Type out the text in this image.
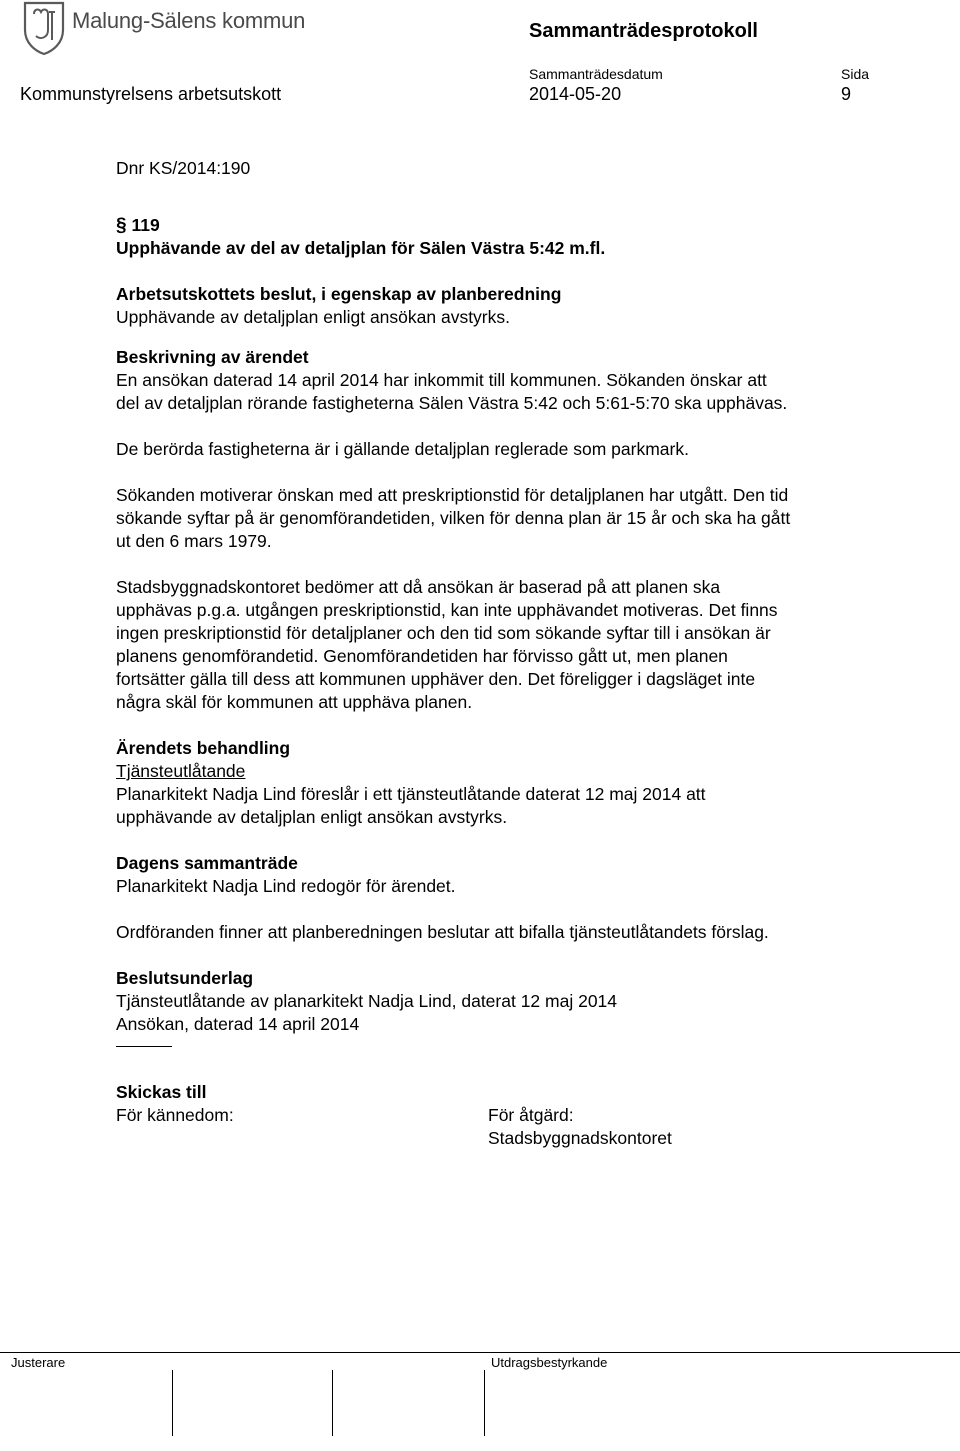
Malung-Sälens kommun	Sammanträdesprotokoll
Sammanträdesdatum	Sida
Kommunstyrelsens arbetsutskott	2014-05-20	9

Dnr KS/2014:190

§ 119

Upphävande av del av detaljplan för Sälen Västra 5:42 m.fl.

Arbetsutskottets beslut, i egenskap av planberedning

Upphävande av detaljplan enligt ansökan avstyrks.

Beskrivning av ärendet

En ansökan daterad 14 april 2014 har inkommit till kommunen. Sökanden önskar att

del av detaljplan rörande fastigheterna Sälen Västra 5:42 och 5:61-5:70 ska upphävas.

De berörda fastigheterna är i gällande detaljplan reglerade som parkmark.

Sökanden motiverar önskan med att preskriptionstid för detaljplanen har utgått. Den tid

sökande syftar på är genomförandetiden, vilken för denna plan är 15 år och ska ha gått

ut den 6 mars 1979.

Stadsbyggnadskontoret bedömer att då ansökan är baserad på att planen ska

upphävas p.g.a. utgången preskriptionstid, kan inte upphävandet motiveras. Det finns

ingen preskriptionstid för detaljplaner och den tid som sökande syftar till i ansökan är

planens genomförandetid. Genomförandetiden har förvisso gått ut, men planen

fortsätter gälla till dess att kommunen upphäver den. Det föreligger i dagsläget inte

några skäl för kommunen att upphäva planen.

Ärendets behandling

Tjänsteutlåtande

Planarkitekt Nadja Lind föreslår i ett tjänsteutlåtande daterat 12 maj 2014 att

upphävande av detaljplan enligt ansökan avstyrks.

Dagens sammanträde

Planarkitekt Nadja Lind redogör för ärendet.

Ordföranden finner att planberedningen beslutar att bifalla tjänsteutlåtandets förslag.

Beslutsunderlag

Tjänsteutlåtande av planarkitekt Nadja Lind, daterat 12 maj 2014

Ansökan, daterad 14 april 2014

Skickas till

För kännedom:	För åtgärd:

Stadsbyggnadskontoret

Justerare	Utdragsbestyrkande
